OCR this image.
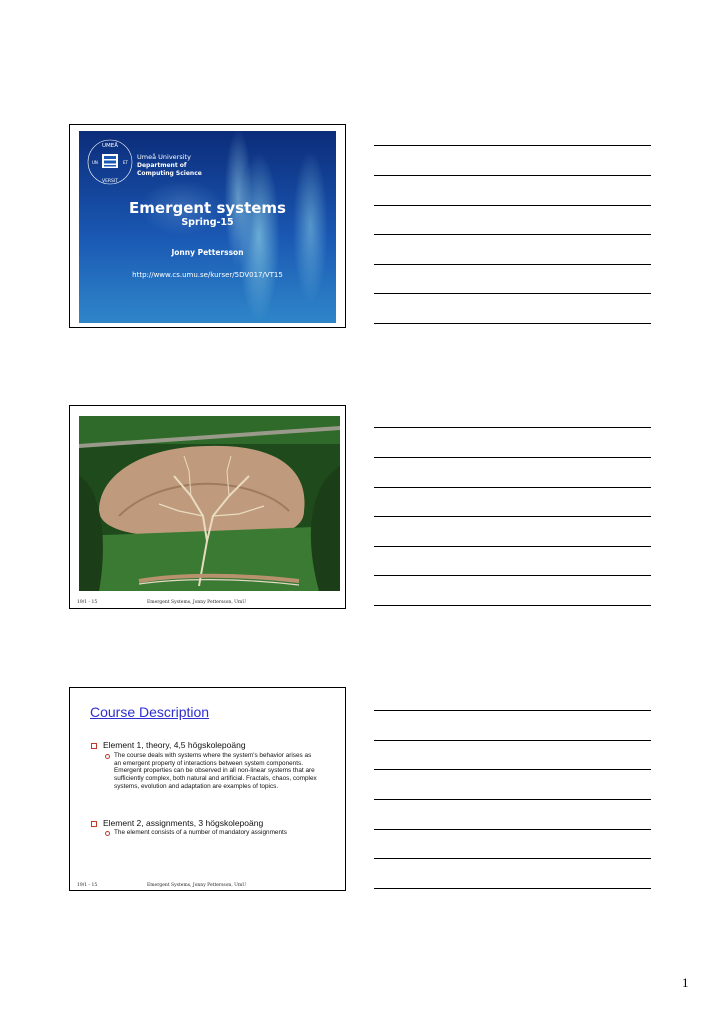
UMEÅ
UN	ET
VERSIT
Umeå University
Department of
Computing Science
Emergent systems
Spring-15
Jonny Pettersson
http://www.cs.umu.se/kurser/5DV017/VT15
19/1 - 15	Emergent Systems, Jonny Pettersson, UmU
Course Description
Element 1, theory, 4,5 högskolepoäng
The course deals with systems where the system's behavior arises as an emergent property of interactions between system components. Emergent properties can be observed in all non-linear systems that are sufficiently complex, both natural and artificial. Fractals, chaos, complex systems, evolution and adaptation are examples of topics.
Element 2, assignments, 3 högskolepoäng
The element consists of a number of mandatory assignments
19/1 - 15	Emergent Systems, Jonny Pettersson, UmU
1
